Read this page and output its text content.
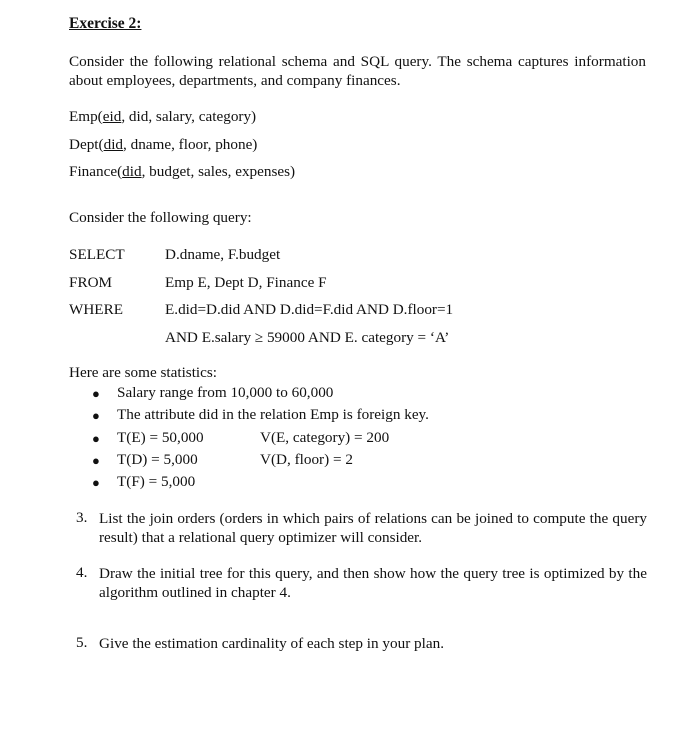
Exercise 2:
Consider the following relational schema and SQL query. The schema captures information about employees, departments, and company finances.
Emp(eid, did, salary, category)
Dept(did, dname, floor, phone)
Finance(did, budget, sales, expenses)
Consider the following query:
SELECT	D.dname, F.budget
FROM	Emp E, Dept D, Finance F
WHERE	E.did=D.did AND D.did=F.did AND D.floor=1
AND E.salary ≥ 59000 AND E. category = ‘A’
Here are some statistics:
● Salary range from 10,000 to 60,000
● The attribute did in the relation Emp is foreign key.
● T(E) = 50,000	V(E, category) = 200
● T(D) = 5,000	V(D, floor) = 2
● T(F) = 5,000
3. List the join orders (orders in which pairs of relations can be joined to compute the query result) that a relational query optimizer will consider.
4. Draw the initial tree for this query, and then show how the query tree is optimized by the algorithm outlined in chapter 4.
5. Give the estimation cardinality of each step in your plan.
